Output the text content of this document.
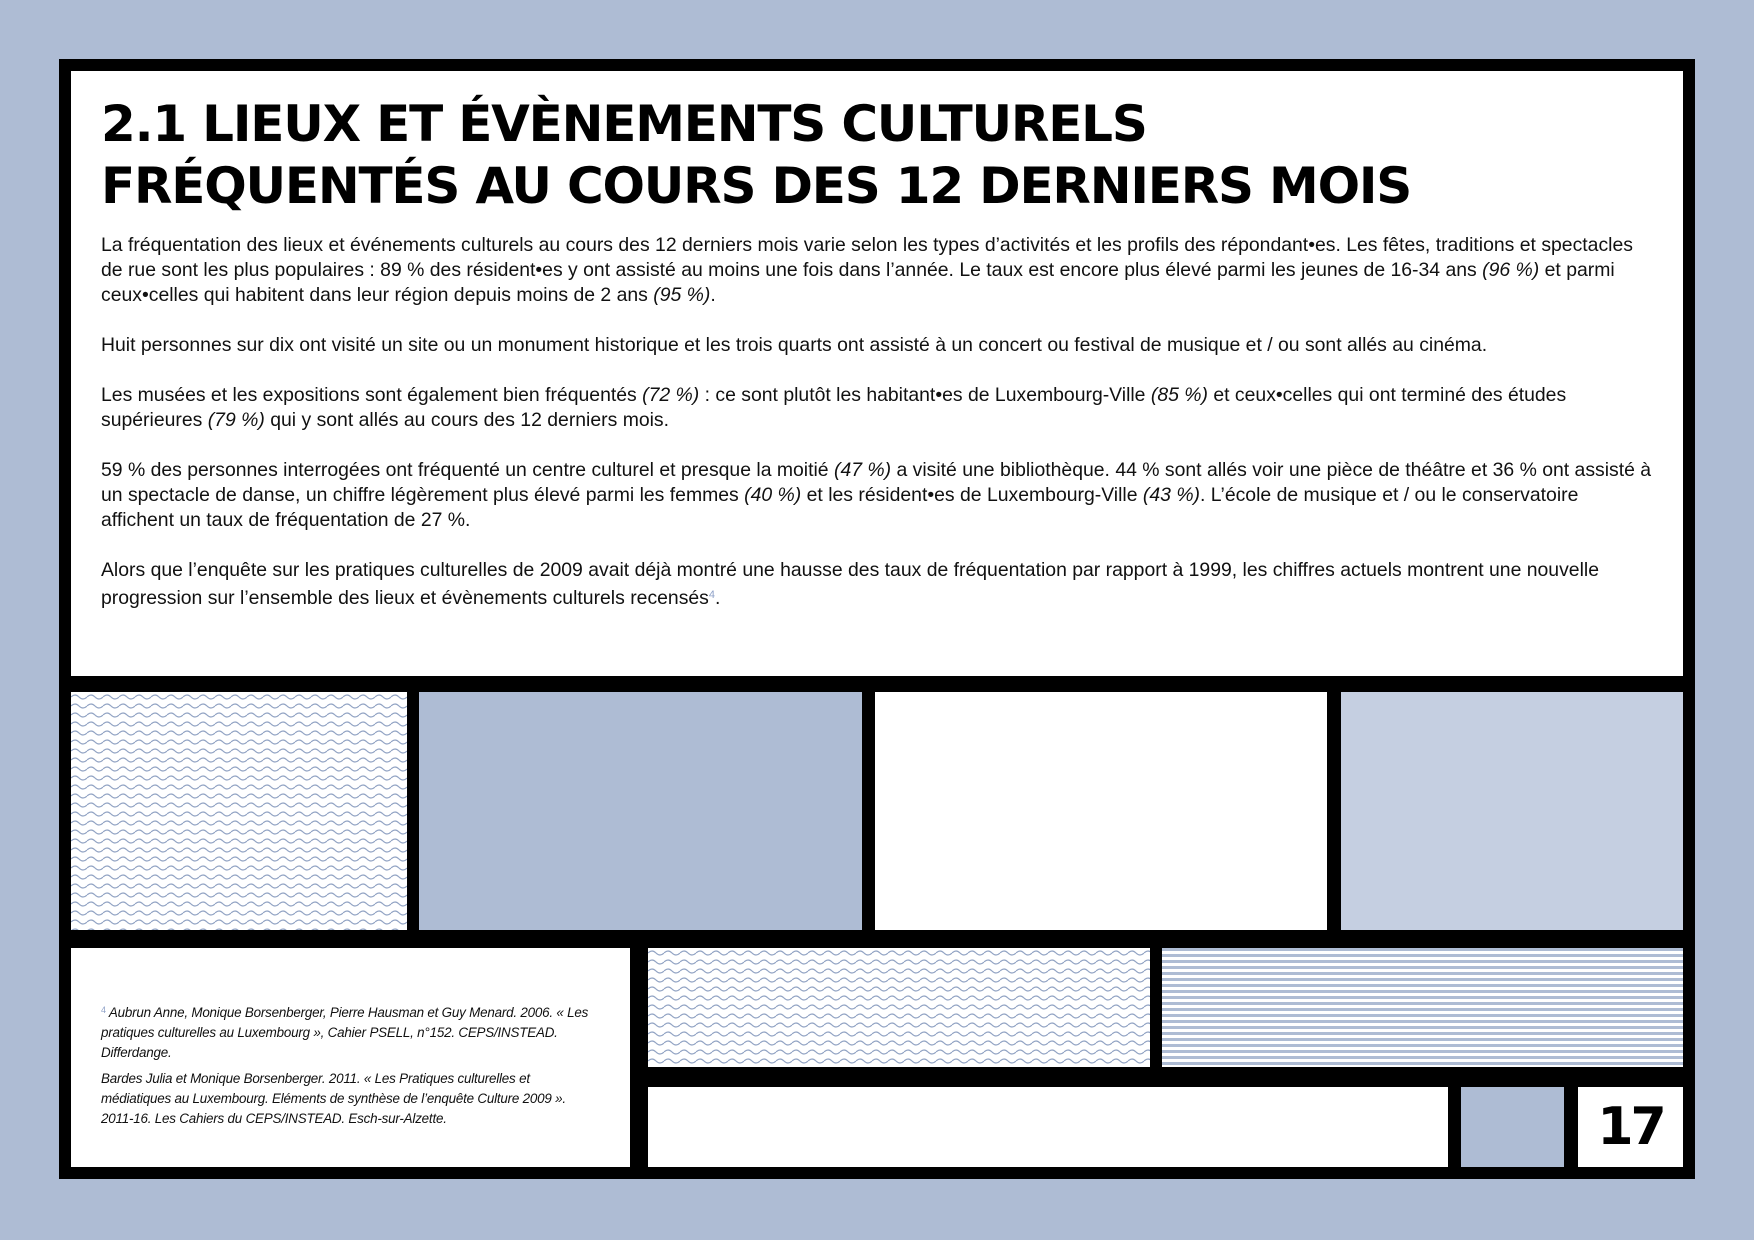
2.1 LIEUX ET ÉVÈNEMENTS CULTURELS
FRÉQUENTÉS AU COURS DES 12 DERNIERS MOIS

La fréquentation des lieux et événements culturels au cours des 12 derniers mois varie selon les types d’activités et les profils des répondant•es. Les fêtes, traditions et spectacles de rue sont les plus populaires : 89 % des résident•es y ont assisté au moins une fois dans l’année. Le taux est encore plus élevé parmi les jeunes de 16-34 ans (96 %) et parmi ceux•celles qui habitent dans leur région depuis moins de 2 ans (95 %).

Huit personnes sur dix ont visité un site ou un monument historique et les trois quarts ont assisté à un concert ou festival de musique et / ou sont allés au cinéma.

Les musées et les expositions sont également bien fréquentés (72 %) : ce sont plutôt les habitant•es de Luxembourg-Ville (85 %) et ceux•celles qui ont terminé des études supérieures (79 %) qui y sont allés au cours des 12 derniers mois.

59 % des personnes interrogées ont fréquenté un centre culturel et presque la moitié (47 %) a visité une bibliothèque. 44 % sont allés voir une pièce de théâtre et 36 % ont assisté à un spectacle de danse, un chiffre légèrement plus élevé parmi les femmes (40 %) et les résident•es de Luxembourg-Ville (43 %). L’école de musique et / ou le conservatoire affichent un taux de fréquentation de 27 %.

Alors que l’enquête sur les pratiques culturelles de 2009 avait déjà montré une hausse des taux de fréquentation par rapport à 1999, les chiffres actuels montrent une nouvelle progression sur l’ensemble des lieux et évènements culturels recensés$^4$.

$^4$ Aubrun Anne, Monique Borsenberger, Pierre Hausman et Guy Menard. 2006. « Les pratiques culturelles au Luxembourg », Cahier PSELL, n°152. CEPS/INSTEAD. Differdange.
Bardes Julia et Monique Borsenberger. 2011. « Les Pratiques culturelles et médiatiques au Luxembourg. Eléments de synthèse de l’enquête Culture 2009 ». 2011-16. Les Cahiers du CEPS/INSTEAD. Esch-sur-Alzette.	17
